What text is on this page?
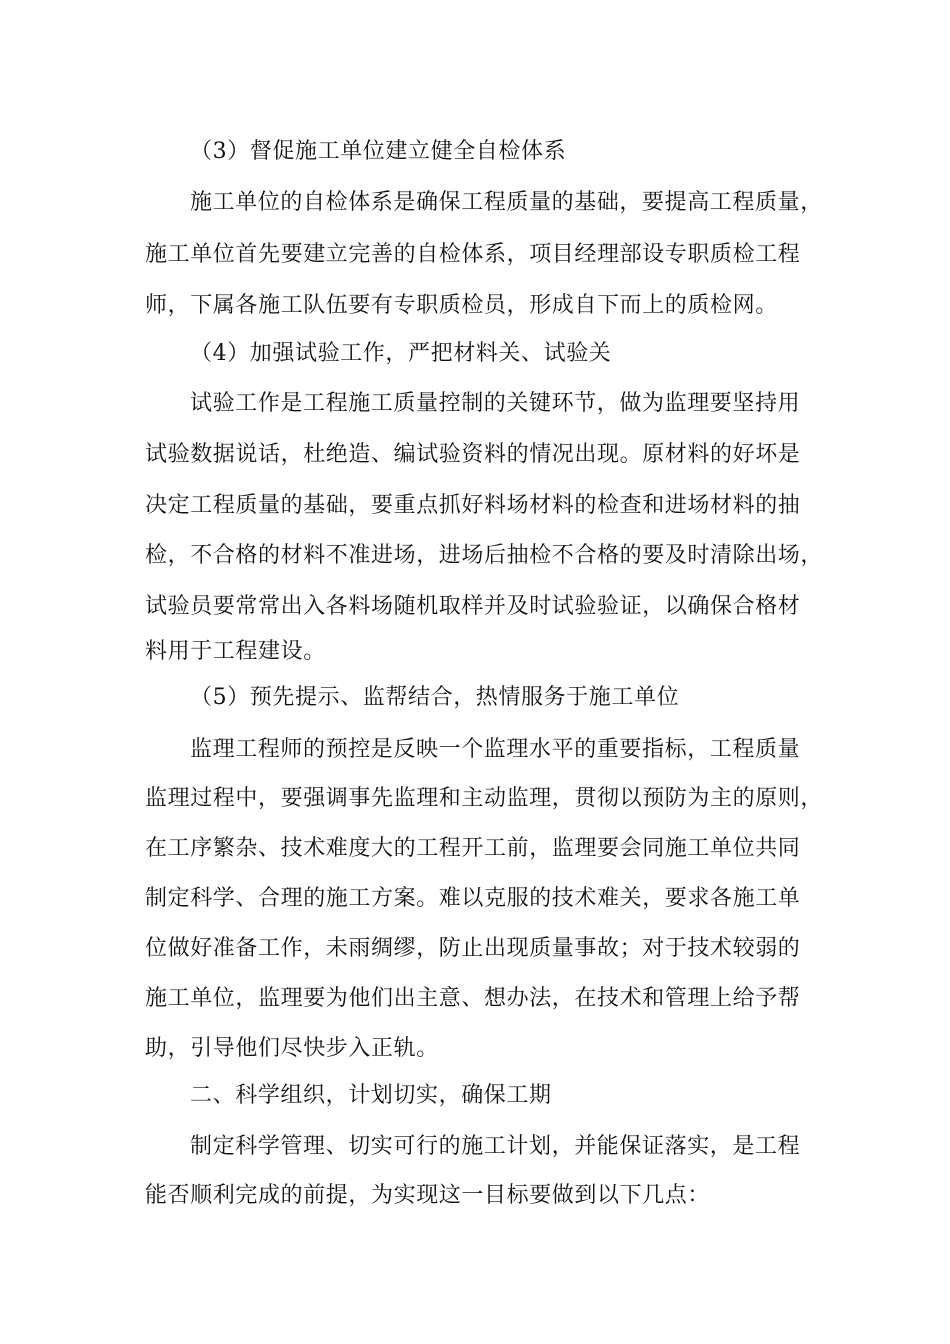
（3）督促施工单位建立健全自检体系
施工单位的自检体系是确保工程质量的基础，要提高工程质量，
施工单位首先要建立完善的自检体系，项目经理部设专职质检工程
师，下属各施工队伍要有专职质检员，形成自下而上的质检网。
（4）加强试验工作，严把材料关、试验关
试验工作是工程施工质量控制的关键环节，做为监理要坚持用
试验数据说话，杜绝造、编试验资料的情况出现。原材料的好坏是
决定工程质量的基础，要重点抓好料场材料的检查和进场材料的抽
检，不合格的材料不准进场，进场后抽检不合格的要及时清除出场，
试验员要常常出入各料场随机取样并及时试验验证，以确保合格材
料用于工程建设。
（5）预先提示、监帮结合，热情服务于施工单位
监理工程师的预控是反映一个监理水平的重要指标，工程质量
监理过程中，要强调事先监理和主动监理，贯彻以预防为主的原则，
在工序繁杂、技术难度大的工程开工前，监理要会同施工单位共同
制定科学、合理的施工方案。难以克服的技术难关，要求各施工单
位做好准备工作，未雨绸缪，防止出现质量事故；对于技术较弱的
施工单位，监理要为他们出主意、想办法，在技术和管理上给予帮
助，引导他们尽快步入正轨。
二、科学组织，计划切实，确保工期
制定科学管理、切实可行的施工计划，并能保证落实，是工程
能否顺利完成的前提，为实现这一目标要做到以下几点：
